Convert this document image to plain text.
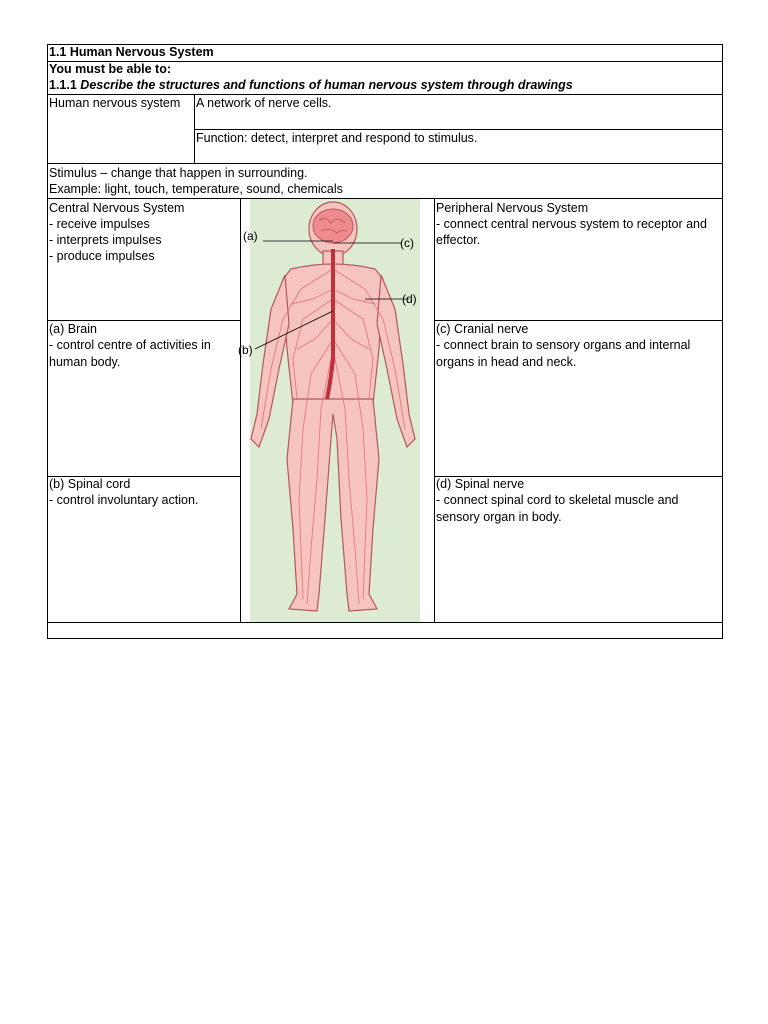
1.1 Human Nervous System
You must be able to:
1.1.1 Describe the structures and functions of human nervous system through drawings
Human nervous system A network of nerve cells.
Function: detect, interpret and respond to stimulus.
Stimulus – change that happen in surrounding.
Example: light, touch, temperature, sound, chemicals
Central Nervous System
- receive impulses
- interprets impulses
- produce impulses
(a) Brain
- control centre of activities in human body.
(b) Spinal cord
- control involuntary action.
Peripheral Nervous System
- connect central nervous system to receptor and effector.
(c) Cranial nerve
- connect brain to sensory organs and internal organs in head and neck.
(d) Spinal nerve
- connect spinal cord to skeletal muscle and sensory organ in body.
(a)	(c)
(d)
(b)
